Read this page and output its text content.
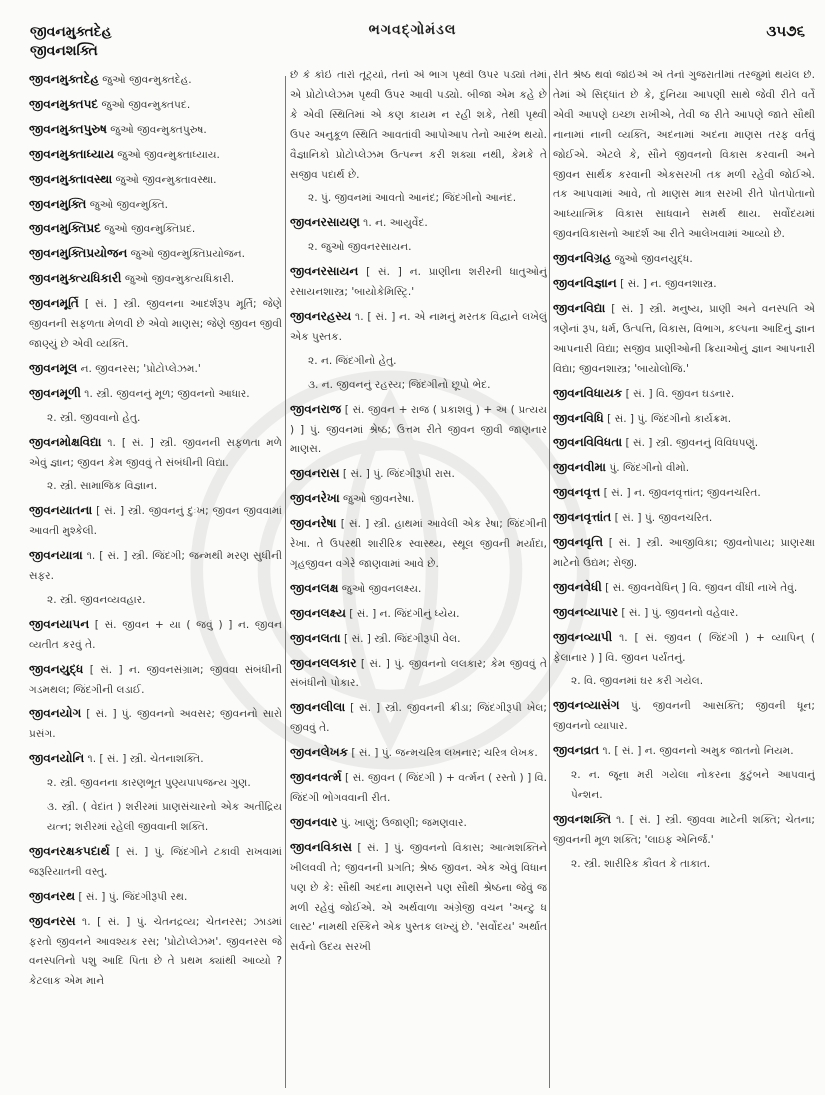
જીવનમુક્તદેહ
જીવનશક્તિ
ભગવદ્ગોમંડલ	૩૫૭૬
જીવનમુક્તદેહ જુઓ જીવન્મુક્તદેહ.
જીવનમુક્તપદ જુઓ જીવન્મુક્તપદ.
જીવનમુક્તપુરુષ જુઓ જીવન્મુક્તપુરુષ.
જીવનમુક્તાધ્યાય જુઓ જીવન્મુક્તાધ્યાય.
જીવનમુક્તાવસ્થા જુઓ જીવન્મુક્તાવસ્થા.
જીવનમુક્તિ જુઓ જીવન્મુક્તિ.
જીવનમુક્તિપ્રદ જુઓ જીવન્મુક્તિપ્રદ.
જીવનમુક્તિપ્રયોજન જુઓ જીવન્મુક્તિપ્રયોજન.
જીવનમુક્ત્યધિકારી જુઓ જીવન્મુક્ત્યધિકારી.
જીવનમૂર્તિ [ સં. ] સ્ત્રી. જીવનના આદર્શરૂપ મૂર્તિ; જેણે જીવનની સફળતા મેળવી છે એવો માણસ; જેણે જીવન જીવી જાણ્યું છે એવી વ્યક્તિ.
જીવનમૂલ ન. જીવનરસ; 'પ્રોટોપ્લેઝમ.'
જીવનમૂળી ૧. સ્ત્રી. જીવનનું મૂળ; જીવનનો આધાર.
૨. સ્ત્રી. જીવવાનો હેતુ.
જીવનમોક્ષવિદ્યા ૧. [ સં. ] સ્ત્રી. જીવનની સફળતા મળે એવું જ્ઞાન; જીવન કેમ જીવવું તે સંબંધીની વિદ્યા.
૨. સ્ત્રી. સામાજિક વિજ્ઞાન.
જીવનયાતના [ સં. ] સ્ત્રી. જીવનનું દુઃખ; જીવન જીવવામાં આવતી મુશ્કેલી.
જીવનયાત્રા ૧. [ સં. ] સ્ત્રી. જિંદગી; જન્મથી મરણ સુધીની સફર.
૨. સ્ત્રી. જીવનવ્યવહાર.
જીવનયાપન [ સં. જીવન + યા ( જવું ) ] ન. જીવન વ્યતીત કરવું તે.
જીવનયુદ્ધ [ સં. ] ન. જીવનસંગ્રામ; જીવવા સંબંધીની ગડમથલ; જિંદગીની લડાઈ.
જીવનયોગ [ સં. ] પું. જીવનનો અવસર; જીવનનો સારો પ્રસંગ.
જીવનયોનિ ૧. [ સં. ] સ્ત્રી. ચેતનાશક્તિ.
૨. સ્ત્રી. જીવનના કારણભૂત પુણ્યપાપજન્ય ગુણ.
૩. સ્ત્રી. ( વેદાંત ) શરીરમાં પ્રાણસંચારનો એક અતીંદ્રિય યત્ન; શરીરમાં રહેલી જીવવાની શક્તિ.
જીવનરક્ષકપદાર્થ [ સં. ] પું. જિંદગીને ટકાવી રાખવામાં જરૂરિયાતની વસ્તુ.
જીવનરથ [ સં. ] પું. જિંદગીરૂપી રથ.
જીવનરસ ૧. [ સં. ] પું. ચેતનદ્રવ્ય; ચેતનરસ; ઝાડમાં ફરતો જીવનને આવશ્યક રસ; 'પ્રોટોપ્લેઝમ'. જીવનરસ જે વનસ્પતિનો પશુ આદિ પિતા છે તે પ્રથમ ક્યાંથી આવ્યો ? કેટલાક એમ માને
છે કે કોઈ તારો તૂટ્યો, તેનો એ ભાગ પૃથ્વી ઉપર પડ્યો તેમાં એ પ્રોટોપ્લેઝમ પૃથ્વી ઉપર આવી પડ્યો. બીજા એમ કહે છે કે એવી સ્થિતિમાં એ કણ કાયમ ન રહી શકે, તેથી પૃથ્વી ઉપર અનુકૂળ સ્થિતિ આવતાંવી આપોઆપ તેનો આરંભ થયો. વૈજ્ઞાનિકો પ્રોટોપ્લેઝમ ઉત્પન્ન કરી શક્યા નથી, કેમકે તે સજીવ પદાર્થ છે.
૨. પું. જીવનમાં આવતો આનંદ; જિંદગીનો આનંદ.
જીવનરસાયણ ૧. ન. આયુર્વેદ.
૨. જુઓ જીવનરસાયન.
જીવનરસાયન [ સં. ] ન. પ્રાણીના શરીરની ધાતુઓનું રસાયનશાસ્ત્ર; 'બાયોકેમિસ્ટ્રિ.'
જીવનરહસ્ય ૧. [ સં. ] ન. એ નામનું મરતક વિદ્વાને લખેલું એક પુસ્તક.
૨. ન. જિંદગીનો હેતુ.
૩. ન. જીવનનું રહસ્ય; જિંદગીનો છૂપો ભેદ.
જીવનરાજ [ સં. જીવન + રાજ ( પ્રકાશવું ) + અ ( પ્રત્યય ) ] પું. જીવનમાં શ્રેષ્ઠ; ઉત્તમ રીતે જીવન જીવી જાણનાર માણસ.
જીવનરાસ [ સં. ] પું. જિંદગીરૂપી રાસ.
જીવનરેખા જુઓ જીવનરેષા.
જીવનરેષા [ સં. ] સ્ત્રી. હાથમાં આવેલી એક રેષા; જિંદગીની રેખા. તે ઉપરથી શારીરિક સ્વાસ્થ્ય, સ્થૂલ જીવની મર્યાદા, ગૃહજીવન વગેરે જાણવામાં આવે છે.
જીવનલક્ષ જુઓ જીવનલક્ષ્ય.
જીવનલક્ષ્ય [ સં. ] ન. જિંદગીનું ધ્યેય.
જીવનલતા [ સં. ] સ્ત્રી. જિંદગીરૂપી વેલ.
જીવનલલકાર [ સં. ] પું. જીવનનો લલકાર; કેમ જીવવું તે સંબંધીનો પોકાર.
જીવનલીલા [ સં. ] સ્ત્રી. જીવનની ક્રીડા; જિંદગીરૂપી ખેલ; જીવવું તે.
જીવનલેખક [ સં. ] પું. જન્મચરિત્ર લખનાર; ચરિત્ર લેખક.
જીવનવર્ત્મ [ સં. જીવન ( જિંદગી ) + વર્ત્મન ( રસ્તો ) ] વિ. જિંદગી ભોગવવાની રીત.
જીવનવાર પું. ખાણું; ઉજાણી; જમણવાર.
જીવનવિકાસ [ સં. ] પું. જીવનનો વિકાસ; આત્મશક્તિને ખીલવવી તે; જીવનની પ્રગતિ; શ્રેષ્ઠ જીવન. એક એવું વિધાન પણ છે કે: સૌથી અદના માણસને પણ સૌથી શ્રેષ્ઠના જેવું જ મળી રહેવું જોઈએ. એ અર્થવાળા અંગ્રેજી વચન 'અન્ટુ ધ લાસ્ટ' નામથી રસ્કિને એક પુસ્તક લખ્યું છે. 'સર્વોદય' અર્થાત સર્વનો ઉદય સરખી
રીતે શ્રેષ્ઠ થવો જોઈએ એ તેનો ગુજરાતીમાં તરજુમો થયેલ છે. તેમાં એ સિદ્ધાંત છે કે, દુનિયા આપણી સાથે જેવી રીતે વર્તે એવી આપણે ઇચ્છા રાખીએ, તેવી જ રીતે આપણે જાતે સૌથી નાનામાં નાની વ્યક્તિ, અદનામાં અદના માણસ તરફ વર્તવું જોઈએ. એટલે કે, સૌને જીવનનો વિકાસ કરવાની અને જીવન સાર્થક કરવાની એકસરખી તક મળી રહેવી જોઈએ. તક આપવામાં આવે, તો માણસ માત્ર સરખી રીતે પોતપોતાનો આધ્યાત્મિક વિકાસ સાધવાને સમર્થ થાય. સર્વોદયમાં જીવનવિકાસનો આદર્શ આ રીતે આલેખવામાં આવ્યો છે.
જીવનવિગ્રહ જુઓ જીવનયુદ્ધ.
જીવનવિજ્ઞાન [ સં. ] ન. જીવનશાસ્ત્ર.
જીવનવિદ્યા [ સં. ] સ્ત્રી. મનુષ્ય, પ્રાણી અને વનસ્પતિ એ ત્રણેનાં રૂપ, ધર્મ, ઉત્પત્તિ, વિકાસ, વિભાગ, કલ્પના આદિનું જ્ઞાન આપનારી વિદ્યા; સજીવ પ્રાણીઓની ક્રિયાઓનું જ્ઞાન આપનારી વિદ્યા; જીવનશાસ્ત્ર; 'બાયોલોજિ.'
જીવનવિધાયક [ સં. ] વિ. જીવન ઘડનાર.
જીવનવિધિ [ સં. ] પું. જિંદગીનો કાર્યક્રમ.
જીવનવિવિધતા [ સં. ] સ્ત્રી. જીવનનું વિવિધપણું.
જીવનવીમા પું. જિંદગીનો વીમો.
જીવનવૃત્ત [ સં. ] ન. જીવનવૃત્તાંત; જીવનચરિત.
જીવનવૃત્તાંત [ સં. ] પું. જીવનચરિત.
જીવનવૃત્તિ [ સં. ] સ્ત્રી. આજીવિકા; જીવનોપાય; પ્રાણરક્ષા માટેનો ઉદ્યમ; રોજી.
જીવનવેધી [ સં. જીવનવેધિન્ ] વિ. જીવન વીંધી નાખે તેવું.
જીવનવ્યાપાર [ સં. ] પું. જીવનનો વહેવાર.
જીવનવ્યાપી ૧. [ સં. જીવન ( જિંદગી ) + વ્યાપિન્ ( ફેલાનાર ) ] વિ. જીવન પર્યંતનું.
૨. વિ. જીવનમાં ઘર કરી ગયેલ.
જીવનવ્યાસંગ પું. જીવનની આસક્તિ; જીવની ધૂન; જીવનનો વ્યાપાર.
જીવનવ્રત ૧. [ સં. ] ન. જીવનનો અમુક જાતનો નિયમ.
૨. ન. જૂના મરી ગયેલા નોકરના કુટુંબને આપવાનું પેન્શન.
જીવનશક્તિ ૧. [ સં. ] સ્ત્રી. જીવવા માટેની શક્તિ; ચેતના; જીવનની મૂળ શક્તિ; 'લાઇફ એનિર્જ.'
૨. સ્ત્રી. શારીરિક કૌવત કે તાકાત.
